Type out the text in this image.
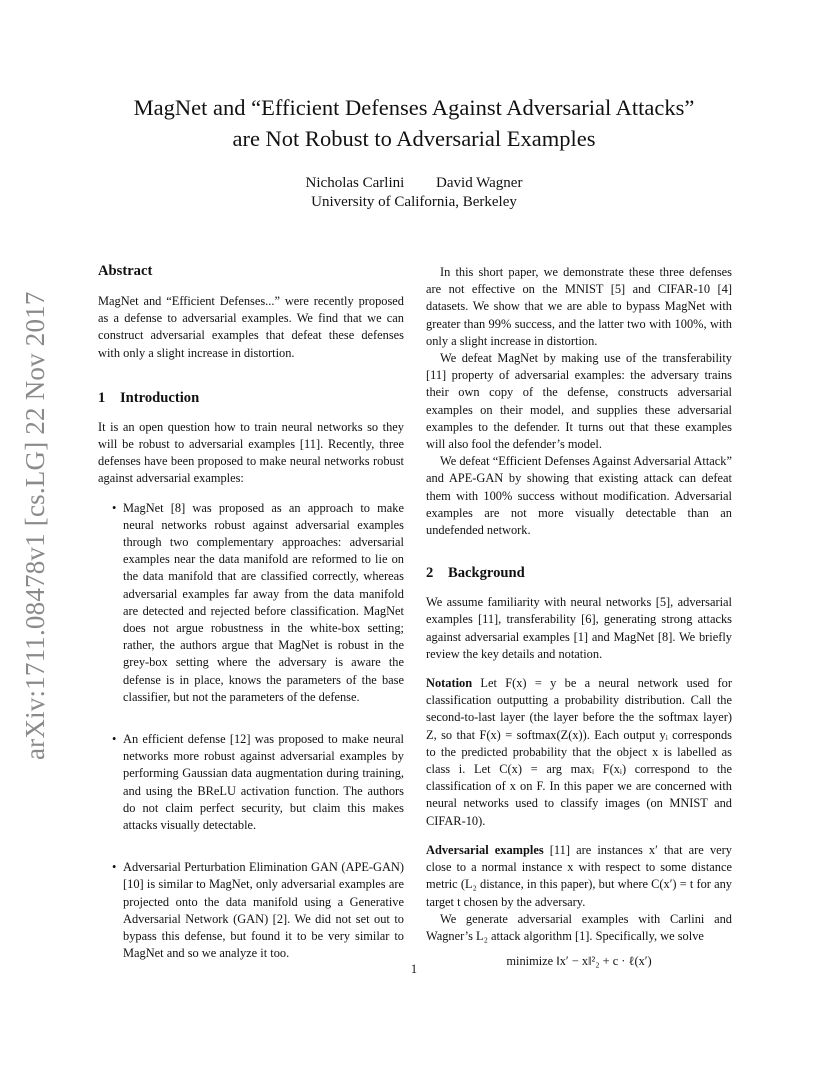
arXiv:1711.08478v1 [cs.LG] 22 Nov 2017
MagNet and “Efficient Defenses Against Adversarial Attacks”
are Not Robust to Adversarial Examples
Nicholas Carlini David Wagner
University of California, Berkeley
Abstract

MagNet and “Efficient Defenses...” were recently proposed as a defense to adversarial examples. We find that we can construct adversarial examples that defeat these defenses with only a slight increase in distortion.

1 Introduction

It is an open question how to train neural networks so they will be robust to adversarial examples [11]. Recently, three defenses have been proposed to make neural networks robust against adversarial examples:

• MagNet [8] was proposed as an approach to make neural networks robust against adversarial examples through two complementary approaches: adversarial examples near the data manifold are reformed to lie on the data manifold that are classified correctly, whereas adversarial examples far away from the data manifold are detected and rejected before classification. MagNet does not argue robustness in the white-box setting; rather, the authors argue that MagNet is robust in the grey-box setting where the adversary is aware the defense is in place, knows the parameters of the base classifier, but not the parameters of the defense.

• An efficient defense [12] was proposed to make neural networks more robust against adversarial examples by performing Gaussian data augmentation during training, and using the BReLU activation function. The authors do not claim perfect security, but claim this makes attacks visually detectable.

• Adversarial Perturbation Elimination GAN (APE-GAN) [10] is similar to MagNet, only adversarial examples are projected onto the data manifold using a Generative Adversarial Network (GAN) [2]. We did not set out to bypass this defense, but found it to be very similar to MagNet and so we analyze it too.

In this short paper, we demonstrate these three defenses are not effective on the MNIST [5] and CIFAR-10 [4] datasets. We show that we are able to bypass MagNet with greater than 99% success, and the latter two with 100%, with only a slight increase in distortion.

We defeat MagNet by making use of the transferability [11] property of adversarial examples: the adversary trains their own copy of the defense, constructs adversarial examples on their model, and supplies these adversarial examples to the defender. It turns out that these examples will also fool the defender’s model.

We defeat “Efficient Defenses Against Adversarial Attack” and APE-GAN by showing that existing attack can defeat them with 100% success without modification. Adversarial examples are not more visually detectable than an undefended network.

2 Background

We assume familiarity with neural networks [5], adversarial examples [11], transferability [6], generating strong attacks against adversarial examples [1] and MagNet [8]. We briefly review the key details and notation.

Notation Let F(x) = y be a neural network used for classification outputting a probability distribution. Call the second-to-last layer (the layer before the the softmax layer) Z, so that F(x) = softmax(Z(x)). Each output yᵢ corresponds to the predicted probability that the object x is labelled as class i. Let C(x) = arg maxᵢ F(xᵢ) correspond to the classification of x on F. In this paper we are concerned with neural networks used to classify images (on MNIST and CIFAR-10).

Adversarial examples [11] are instances x′ that are very close to a normal instance x with respect to some distance metric (L₂ distance, in this paper), but where C(x′) = t for any target t chosen by the adversary.

We generate adversarial examples with Carlini and Wagner’s L₂ attack algorithm [1]. Specifically, we solve

minimize ‖x′ − x‖²₂ + c · ℓ(x′)

1
